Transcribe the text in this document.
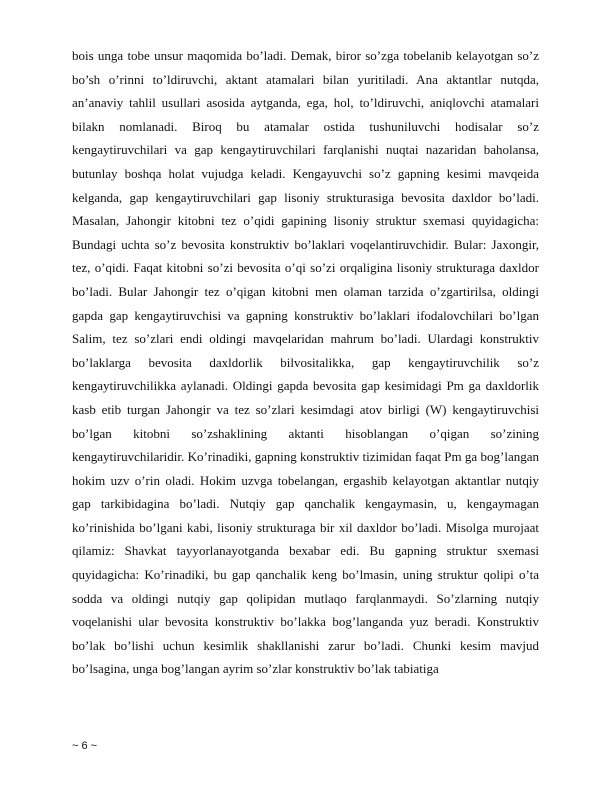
bois unga tobe unsur maqomida bo’ladi. Demak, biror so’zga tobelanib kelayotgan so’z bo’sh o’rinni to’ldiruvchi, aktant atamalari bilan yuritiladi. Ana aktantlar nutqda, an’anaviy tahlil usullari asosida aytganda, ega, hol, to’ldiruvchi, aniqlovchi atamalari bilakn nomlanadi. Biroq bu atamalar ostida tushuniluvchi hodisalar so’z kengaytiruvchilari va gap kengaytiruvchilari farqlanishi nuqtai nazaridan baholansa, butunlay boshqa holat vujudga keladi. Kengayuvchi so’z gapning kesimi mavqeida kelganda, gap kengaytiruvchilari gap lisoniy strukturasiga bevosita daxldor bo’ladi. Masalan, Jahongir kitobni tez o’qidi gapining lisoniy struktur sxemasi quyidagicha: Bundagi uchta so’z bevosita konstruktiv bo’laklari voqelantiruvchidir. Bular: Jaxongir, tez, o’qidi. Faqat kitobni so’zi bevosita o’qi so’zi orqaligina lisoniy strukturaga daxldor bo’ladi. Bular Jahongir tez o’qigan kitobni men olaman tarzida o’zgartirilsa, oldingi gapda gap kengaytiruvchisi va gapning konstruktiv bo’laklari ifodalovchilari bo’lgan Salim, tez so’zlari endi oldingi mavqelaridan mahrum bo’ladi. Ulardagi konstruktiv bo’laklarga bevosita daxldorlik bilvositalikka, gap kengaytiruvchilik so’z kengaytiruvchilikka aylanadi. Oldingi gapda bevosita gap kesimidagi Pm ga daxldorlik kasb etib turgan Jahongir va tez so’zlari kesimdagi atov birligi (W) kengaytiruvchisi bo’lgan kitobni so’zshaklining aktanti hisoblangan o’qigan so’zining kengaytiruvchilaridir. Ko’rinadiki, gapning konstruktiv tizimidan faqat Pm ga bog’langan hokim uzv o’rin oladi. Hokim uzvga tobelangan, ergashib kelayotgan aktantlar nutqiy gap tarkibidagina bo’ladi. Nutqiy gap qanchalik kengaymasin, u, kengaymagan ko’rinishida bo’lgani kabi, lisoniy strukturaga bir xil daxldor bo’ladi. Misolga murojaat qilamiz: Shavkat tayyorlanayotganda bexabar edi. Bu gapning struktur sxemasi quyidagicha: Ko’rinadiki, bu gap qanchalik keng bo’lmasin, uning struktur qolipi o’ta sodda va oldingi nutqiy gap qolipidan mutlaqo farqlanmaydi. So’zlarning nutqiy voqelanishi ular bevosita konstruktiv bo’lakka bog’langanda yuz beradi. Konstruktiv bo’lak bo’lishi uchun kesimlik shakllanishi zarur bo’ladi. Chunki kesim mavjud bo’lsagina, unga bog’langan ayrim so’zlar konstruktiv bo’lak tabiatiga

~ 6 ~
